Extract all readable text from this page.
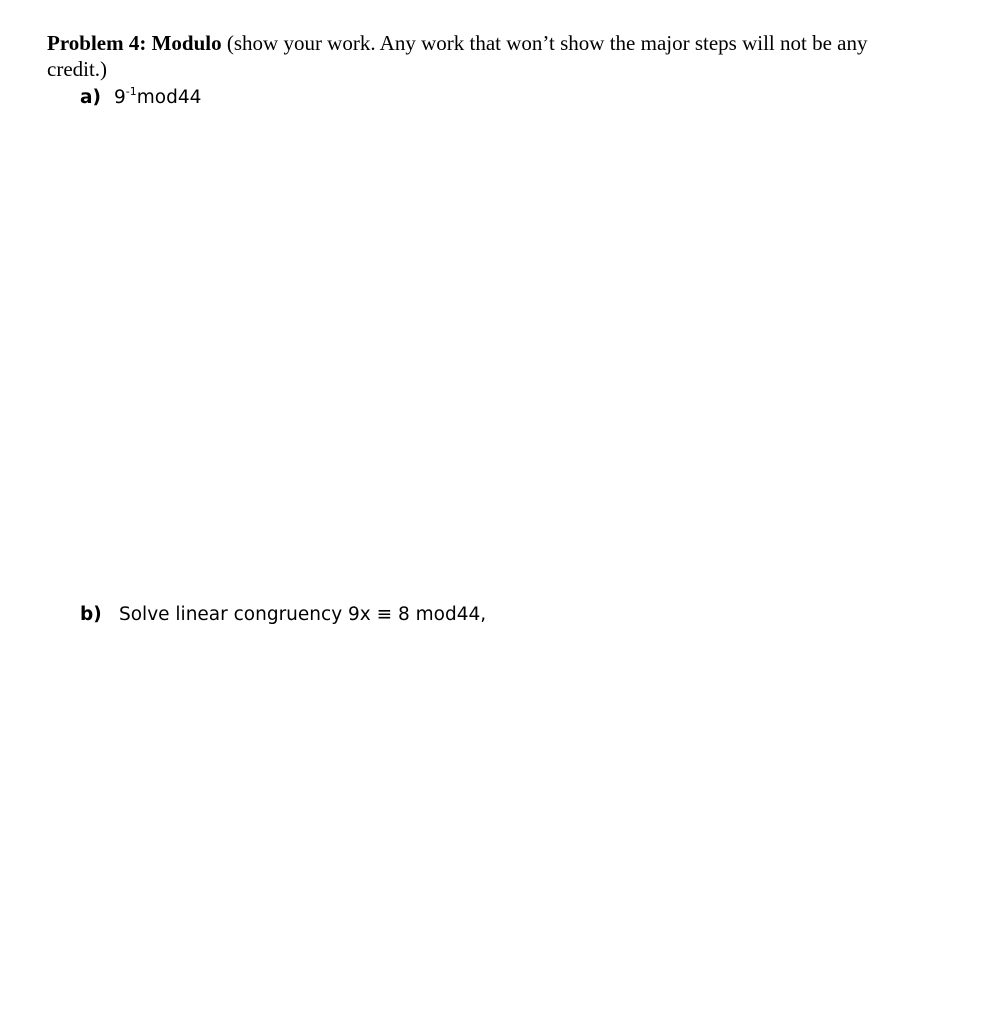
Problem 4: Modulo (show your work. Any work that won’t show the major steps will not be any credit.)
a) $9^{-1}mod44$
b) Solve linear congruency 9x ≡ 8 mod44,
